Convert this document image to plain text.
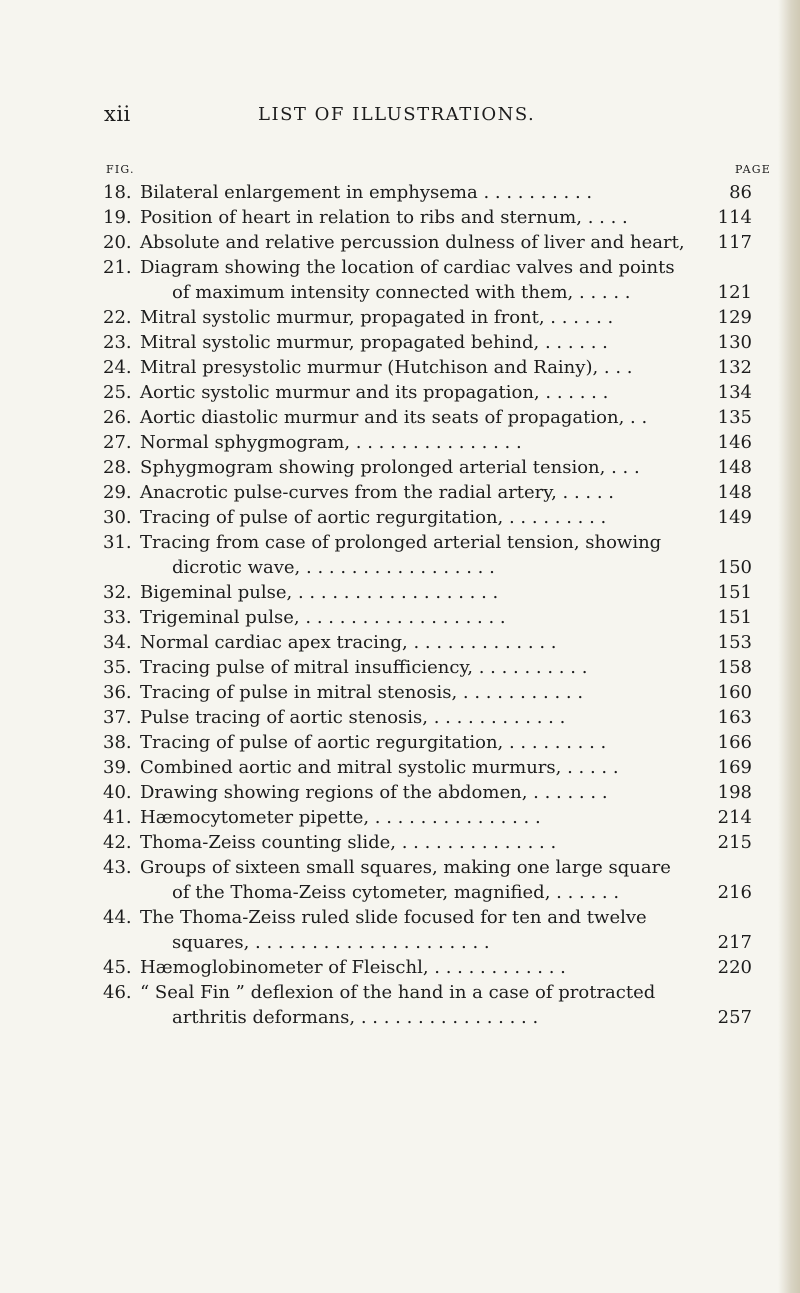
xii	LIST OF ILLUSTRATIONS.
FIG.	PAGE
18. Bilateral enlargement in emphysema . . . . . . . . . .	86
19. Position of heart in relation to ribs and sternum, . . . .	114
20. Absolute and relative percussion dulness of liver and heart,	117
21. Diagram showing the location of cardiac valves and points
of maximum intensity connected with them, . . . . .	121
22. Mitral systolic murmur, propagated in front, . . . . . .	129
23. Mitral systolic murmur, propagated behind, . . . . . .	130
24. Mitral presystolic murmur (Hutchison and Rainy), . . .	132
25. Aortic systolic murmur and its propagation, . . . . . .	134
26. Aortic diastolic murmur and its seats of propagation, . .	135
27. Normal sphygmogram, . . . . . . . . . . . . . . .	146
28. Sphygmogram showing prolonged arterial tension, . . .	148
29. Anacrotic pulse-curves from the radial artery, . . . . .	148
30. Tracing of pulse of aortic regurgitation, . . . . . . . . .	149
31. Tracing from case of prolonged arterial tension, showing
dicrotic wave, . . . . . . . . . . . . . . . . .	150
32. Bigeminal pulse, . . . . . . . . . . . . . . . . . .	151
33. Trigeminal pulse, . . . . . . . . . . . . . . . . . .	151
34. Normal cardiac apex tracing, . . . . . . . . . . . . .	153
35. Tracing pulse of mitral insufficiency, . . . . . . . . . .	158
36. Tracing of pulse in mitral stenosis, . . . . . . . . . . .	160
37. Pulse tracing of aortic stenosis, . . . . . . . . . . . .	163
38. Tracing of pulse of aortic regurgitation, . . . . . . . . .	166
39. Combined aortic and mitral systolic murmurs, . . . . .	169
40. Drawing showing regions of the abdomen, . . . . . . .	198
41. Hæmocytometer pipette, . . . . . . . . . . . . . . .	214
42. Thoma-Zeiss counting slide, . . . . . . . . . . . . . .	215
43. Groups of sixteen small squares, making one large square
of the Thoma-Zeiss cytometer, magnified, . . . . . .	216
44. The Thoma-Zeiss ruled slide focused for ten and twelve
squares, . . . . . . . . . . . . . . . . . . . . .	217
45. Hæmoglobinometer of Fleischl, . . . . . . . . . . . .	220
46. “ Seal Fin ” deflexion of the hand in a case of protracted
arthritis deformans, . . . . . . . . . . . . . . . .	257
